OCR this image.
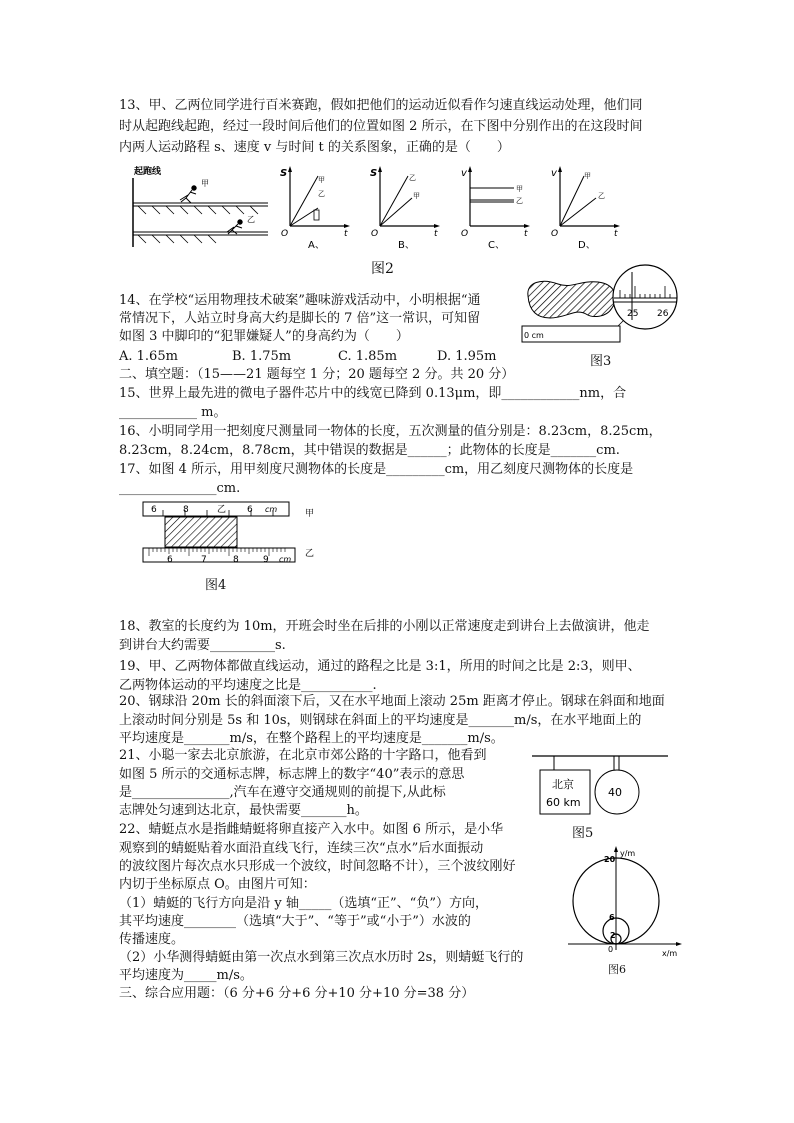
13、甲、乙两位同学进行百米赛跑，假如把他们的运动近似看作匀速直线运动处理，他们同
时从起跑线起跑，经过一段时间后他们的位置如图 2 所示，在下图中分别作出的在这段时间
内两人运动路程 s、速度 v 与时间 t 的关系图象，正确的是（　　）
起跑线
甲
乙
S
t
O
甲
乙
A、
S
t
O
乙
甲
B、
v
t
O
甲
乙
C、
v
t
O
甲
乙
D、
图2
14、在学校“运用物理技术破案”趣味游戏活动中，小明根据“通
常情况下，人站立时身高大约是脚长的 7 倍”这一常识，可知留
如图 3 中脚印的“犯罪嫌疑人”的身高约为（　　）
A. 1.65m	B. 1.75m	C. 1.85m	D. 1.95m
0 cm
25 26
图3
二、填空题：（15——21 题每空 1 分；20 题每空 2 分。共 20 分）
15、世界上最先进的微电子器件芯片中的线宽已降到 0.13μm，即____________nm，合
____________ m。
16、小明同学用一把刻度尺测量同一物体的长度，五次测量的值分别是：8.23cm，8.25cm，
8.23cm，8.24cm，8.78cm，其中错误的数据是______；此物体的长度是_______cm.
17、如图 4 所示，用甲刻度尺测物体的长度是_________cm，用乙刻度尺测物体的长度是
_______________cm.
6	8	乙 6 cm	甲
6	7	8	9 cm
乙
图4
18、教室的长度约为 10m，开班会时坐在后排的小刚以正常速度走到讲台上去做演讲，他走
到讲台大约需要__________s.
19、甲、乙两物体都做直线运动，通过的路程之比是 3:1，所用的时间之比是 2:3，则甲、
乙两物体运动的平均速度之比是___________.
20、钢球沿 20m 长的斜面滚下后，又在水平地面上滚动 25m 距离才停止。钢球在斜面和地面
上滚动时间分别是 5s 和 10s，则钢球在斜面上的平均速度是_______m/s，在水平地面上的
平均速度是_______m/s，在整个路程上的平均速度是_______m/s。
21、小聪一家去北京旅游，在北京市郊公路的十字路口，他看到
如图 5 所示的交通标志牌，标志牌上的数字“40”表示的意思
是_______________,汽车在遵守交通规则的前提下,从此标
志牌处匀速到达北京，最快需要_______h。
北京
60 km
40
图5
22、蜻蜓点水是指雌蜻蜓将卵直接产入水中。如图 6 所示，是小华
观察到的蜻蜓贴着水面沿直线飞行，连续三次“点水”后水面振动
的波纹图片每次点水只形成一个波纹，时间忽略不计），三个波纹刚好
内切于坐标原点 O。由图片可知：
（1）蜻蜓的飞行方向是沿 y 轴_____（选填“正”、“负”）方向，
其平均速度________（选填“大于”、“等于”或“小于”）水波的
传播速度。
（2）小华测得蜻蜓由第一次点水到第三次点水历时 2s，则蜻蜓飞行的
平均速度为_____m/s。
y/m
x/m
0
20
6
2
图6
三、综合应用题：（6 分+6 分+6 分+10 分+10 分=38 分）
